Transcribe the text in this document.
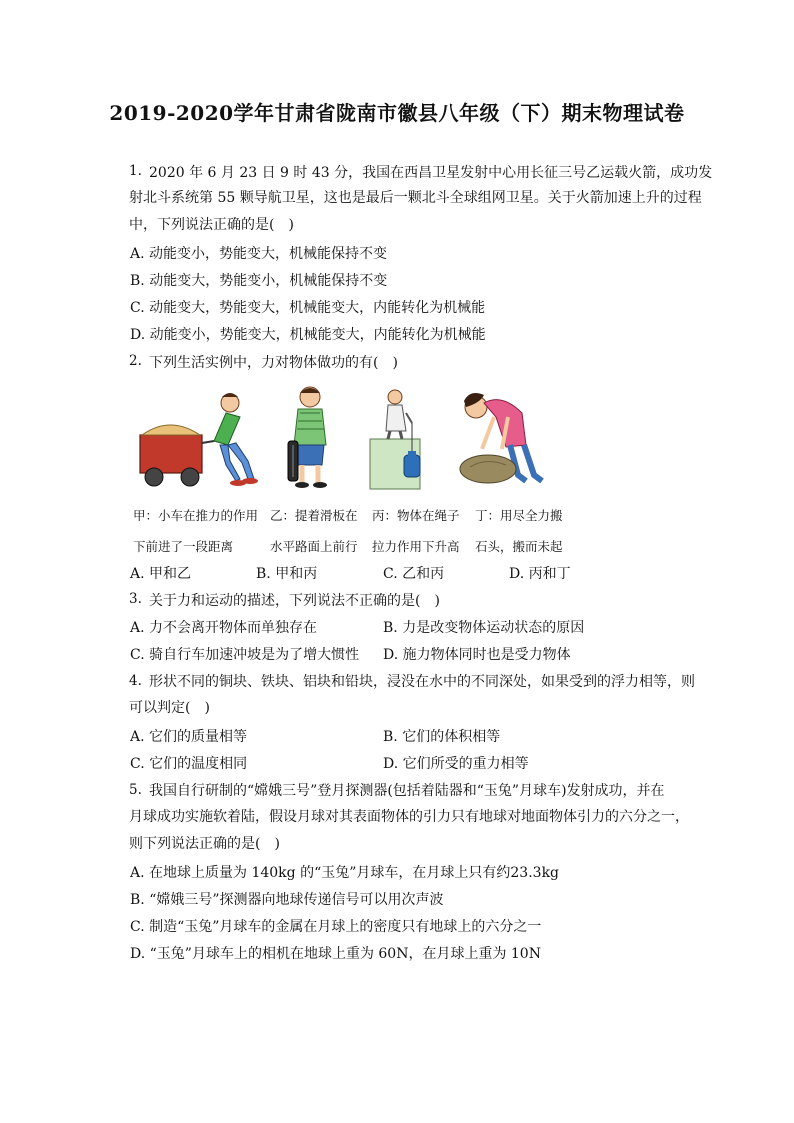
2019-2020学年甘肃省陇南市徽县八年级（下）期末物理试卷
1. 2020 年 6 月 23 日 9 时 43 分，我国在西昌卫星发射中心用长征三号乙运载火箭，成功发
射北斗系统第 55 颗导航卫星，这也是最后一颗北斗全球组网卫星。关于火箭加速上升的过程
中，下列说法正确的是(　)
A. 动能变小，势能变大，机械能保持不变
B. 动能变大，势能变小，机械能保持不变
C. 动能变大，势能变大，机械能变大，内能转化为机械能
D. 动能变小，势能变大，机械能变大，内能转化为机械能
2. 下列生活实例中，力对物体做功的有(　)
甲：小车在推力的作用 乙：提着滑板在 丙：物体在绳子 丁：用尽全力搬
下前进了一段距离	水平路面上前行 拉力作用下升高 石头，搬而未起
A. 甲和乙	B. 甲和丙	C. 乙和丙	D. 丙和丁
3. 关于力和运动的描述，下列说法不正确的是(　)
A. 力不会离开物体而单独存在	B. 力是改变物体运动状态的原因
C. 骑自行车加速冲坡是为了增大惯性 D. 施力物体同时也是受力物体
4. 形状不同的铜块、铁块、铝块和铅块，浸没在水中的不同深处，如果受到的浮力相等，则
可以判定(　)
A. 它们的质量相等	B. 它们的体积相等
C. 它们的温度相同	D. 它们所受的重力相等
5. 我国自行研制的“嫦娥三号”登月探测器(包括着陆器和“玉兔”月球车)发射成功，并在
月球成功实施软着陆，假设月球对其表面物体的引力只有地球对地面物体引力的六分之一，
则下列说法正确的是(　)
A. 在地球上质量为 140kg 的“玉兔”月球车，在月球上只有约23.3kg
B. “嫦娥三号”探测器向地球传递信号可以用次声波
C. 制造“玉兔”月球车的金属在月球上的密度只有地球上的六分之一
D. “玉兔”月球车上的相机在地球上重为 60N，在月球上重为 10N
